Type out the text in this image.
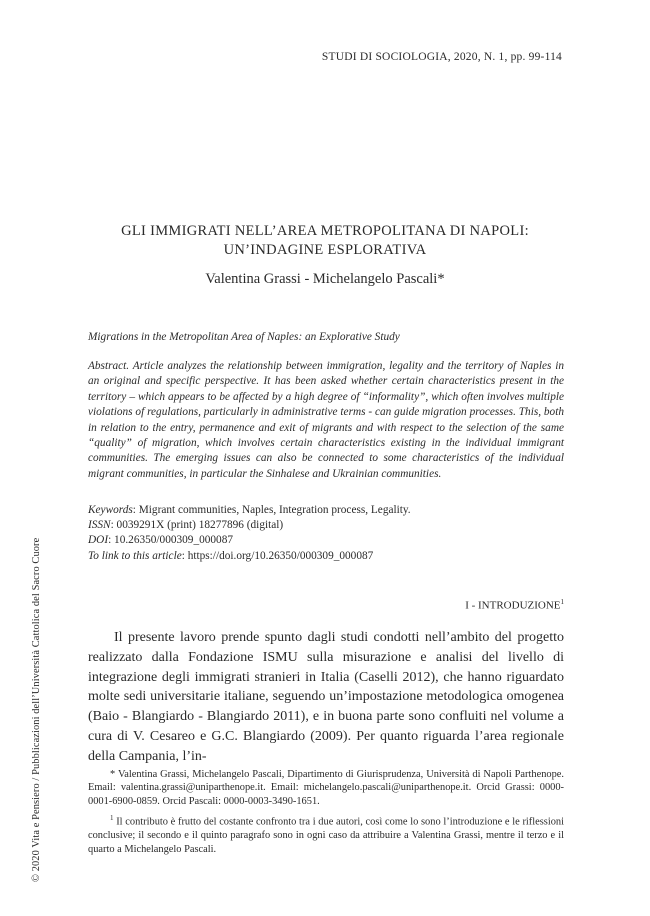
STUDI DI SOCIOLOGIA, 2020, N. 1, pp. 99-114
GLI IMMIGRATI NELL’AREA METROPOLITANA DI NAPOLI:
UN’INDAGINE ESPLORATIVA
Valentina Grassi - Michelangelo Pascali*
Migrations in the Metropolitan Area of Naples: an Explorative Study
Abstract. Article analyzes the relationship between immigration, legality and the territory of Naples in an original and specific perspective. It has been asked whether certain characteristics present in the territory – which appears to be affected by a high degree of “informality”, which often involves multiple violations of regulations, particularly in administrative terms - can guide migration processes. This, both in relation to the entry, permanence and exit of migrants and with respect to the selection of the same “quality” of migration, which involves certain characteristics existing in the individual immigrant communities. The emerging issues can also be connected to some characteristics of the individual migrant communities, in particular the Sinhalese and Ukrainian communities.
Keywords: Migrant communities, Naples, Integration process, Legality.
ISSN: 0039291X (print) 18277896 (digital)
DOI: 10.26350/000309_000087
To link to this article: https://doi.org/10.26350/000309_000087
I - INTRODUZIONE$^1$
Il presente lavoro prende spunto dagli studi condotti nell’ambito del progetto realizzato dalla Fondazione ISMU sulla misurazione e analisi del livello di integrazione degli immigrati stranieri in Italia (Caselli 2012), che hanno riguardato molte sedi universitarie italiane, seguendo un’impostazione metodologica omogenea (Baio - Blangiardo - Blangiardo 2011), e in buona parte sono confluiti nel volume a cura di V. Cesareo e G.C. Blangiardo (2009). Per quanto riguarda l’area regionale della Campania, l’in-

* Valentina Grassi, Michelangelo Pascali, Dipartimento di Giurisprudenza, Università di Napoli Parthenope. Email: valentina.grassi@uniparthenope.it. Email: michelangelo.pascali@uniparthenope.it. Orcid Grassi: 0000-0001-6900-0859. Orcid Pascali: 0000-0003-3490-1651.

$^1$ Il contributo è frutto del costante confronto tra i due autori, così come lo sono l’introduzione e le riflessioni conclusive; il secondo e il quinto paragrafo sono in ogni caso da attribuire a Valentina Grassi, mentre il terzo e il quarto a Michelangelo Pascali.

© 2020 Vita e Pensiero / Pubblicazioni dell’Università Cattolica del Sacro Cuore
